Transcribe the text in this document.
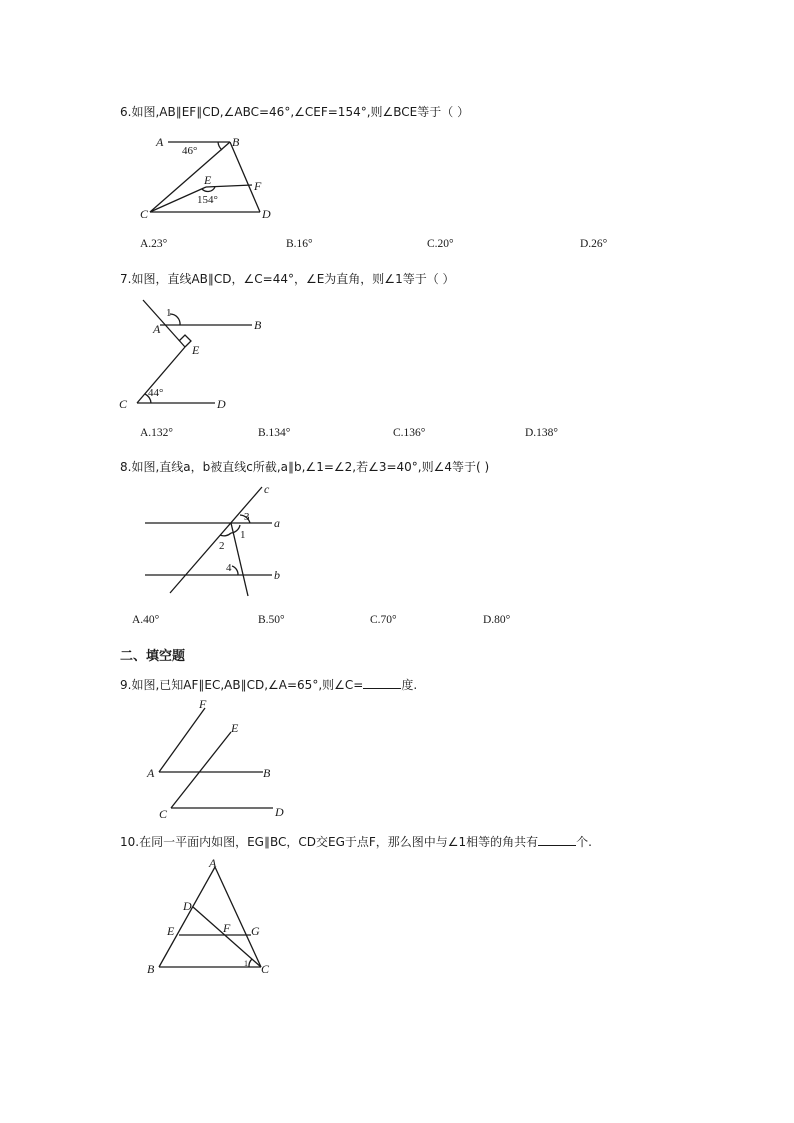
6.如图,AB∥EF∥CD,∠ABC=46°,∠CEF=154°,则∠BCE等于（ ）
A	B
C	D
E	F
46°
154°
A.23°	B.16°	C.20°	D.26°
7.如图，直线AB∥CD，∠C=44°，∠E为直角，则∠1等于（ ）
A	B
C	D
E
1
44°
A.132°	B.134°	C.136°	D.138°
8.如图,直线a，b被直线c所截,a∥b,∠1=∠2,若∠3=40°,则∠4等于( )
c
a
b
3
1
2
4
A.40°	B.50°	C.70°	D.80°
二、填空题
9.如图,已知AF∥EC,AB∥CD,∠A=65°,则∠C=	度.
F
E
A	B
C	D
10.在同一平面内如图，EG∥BC，CD交EG于点F，那么图中与∠1相等的角共有	个.
A
D
E	F G
B	C
1
